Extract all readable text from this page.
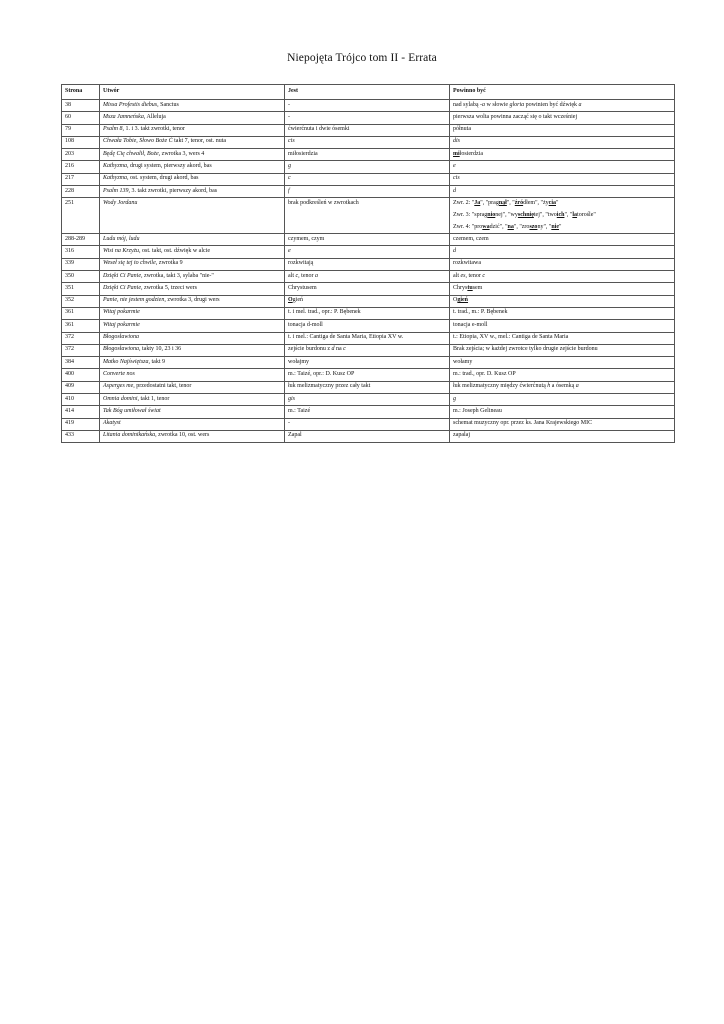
Niepojęta Trójco tom II - Errata
Strona	Utwór	Jest	Powinno być
38	Missa Profestis diebus, Sanctus	-	nad sylabą -a w słowie gloria powinien być dźwięk a

60	Msza Jamneńska, Alleluja	-	pierwsza wolta powinna zacząć się o takt wcześniej

79	Psalm 8, 1. i 3. takt zwrotki, tenor	ćwierćnuta i dwie ósemki	półnuta

108	Chwała Tobie, Słowo Boże Ć takt 7, tenor, ost. nuta	cis	dis

203	Będę Cię chwalił, Boże, zwrotka 3, wers 4	miłosierdzia	miłosierdzia

216	Kathyzma, drugi system, pierwszy akord, bas	g	e

217	Kathyzma, ost. system, drugi akord, bas	c	cis

228	Psalm 139, 3. takt zwrotki, pierwszy akord, bas	f	d

251	Wody Jordanu	brak podkreśleń w zwrotkach	Zwr. 2: "Ja", "pragnął", "źródłem", "życia"
Zwr. 3: "spragnionej", "wyschniętej", "twoich", "latorośle"
Zwr. 4: "prowadzić", "na", "zroszony", "nie"

288-289	Ludu mój, ludu	czymem, czym	czemem, czem

316	Wisi na Krzyżu, ost. takt, ost. dźwięk w alcie	e	d

339	Weseł się tej to chwile, zwrotka 9	rozkwitają	rozkwitawa

350	Dzięki Ci Panie, zwrotka, takt 3, sylaba "nie-"	alt c, tenor a	alt es, tenor c

351	Dzięki Ci Panie, zwrotka 5, trzeci wers	Chrystusem	Chrystusem

352	Panie, nie jestem godzien, zwrotka 3, drugi wers	Ogień	Ogień

361	Witaj pokarmie	t. i mel. trad., opr.: P. Bębenek	t. trad., m.: P. Bębenek

361	Witaj pokarmie	tonacja d-moll	tonacja e-moll

372	Błogosławiona	t. i mel.: Cantiga de Santa Maria, Etiopia XV w.	t.: Etiopia, XV w., mel.: Cantiga de Santa Maria

372	Błogosławiona, takty 10, 23 i 36	zejście burdonu z d na c	Brak zejścia; w każdej zwrotce tylko drugie zejście burdonu

384	Matko Najświętsza, takt 9	wołajmy	wołamy

400	Converte nos	m.: Taizé, opr.: D. Kusz OP	m.: trad., opr. D. Kusz OP

409	Asperges me, przedostatni takt, tenor	łuk melizmatyczny przez cały takt	łuk melizmatyczny między ćwierćnutą h a ósemką a

410	Omnia domini, takt 1, tenor	gis	g

414	Tak Bóg umiłował świat	m.: Taizé	m.: Joseph Gelineau

419	Akatyst	-	schemat muzyczny opr. przez ks. Jana Krajewskiego MIC

433	Litania dominikańska, zwrotka 10, ost. wers	Zapal	zapalaj
